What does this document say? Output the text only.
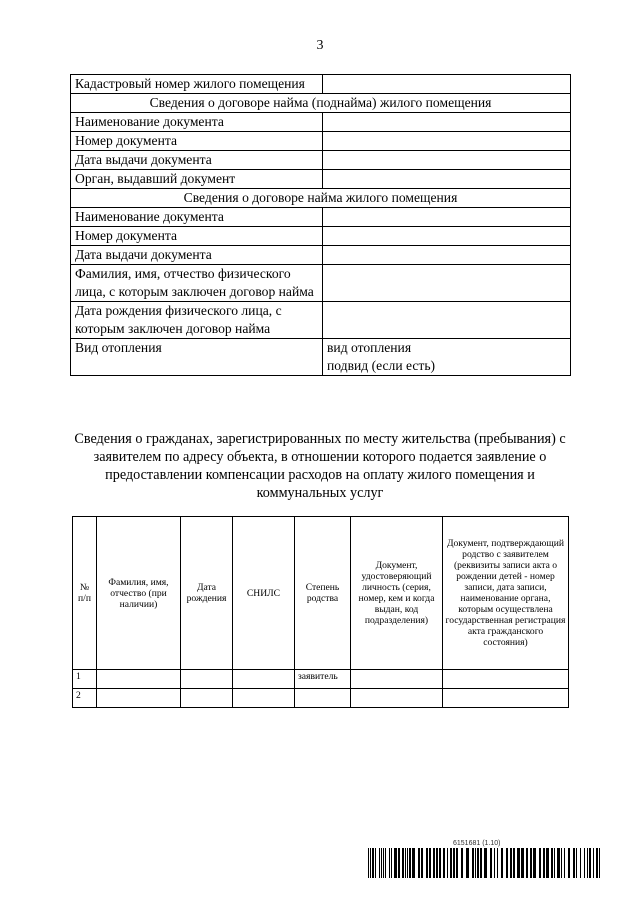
3
Кадастровый номер жилого помещения	
Сведения о договоре найма (поднайма) жилого помещения	
Наименование документа	
Номер документа	
Дата выдачи документа	
Орган, выдавший документ	
Сведения о договоре найма жилого помещения	
Наименование документа	
Номер документа	
Дата выдачи документа	
Фамилия, имя, отчество физического лица, с которым заключен договор найма	
Дата рождения физического лица, с которым заключен договор найма	
Вид отопления	вид отопления
подвид (если есть)
Сведения о гражданах, зарегистрированных по месту жительства (пребывания) с заявителем по адресу объекта, в отношении которого подается заявление о предоставлении компенсации расходов на оплату жилого помещения и коммунальных услуг
№ п/п	Фамилия, имя, отчество (при наличии)	Дата рождения	СНИЛС	Степень родства	Документ, удостоверяющий личность (серия, номер, кем и когда выдан, код подразделения)	Документ, подтверждающий родство с заявителем (реквизиты записи акта о рождении детей - номер записи, дата записи, наименование органа, которым осуществлена государственная регистрация акта гражданского состояния)
1				заявитель		
2						
6151681 (1.10)
